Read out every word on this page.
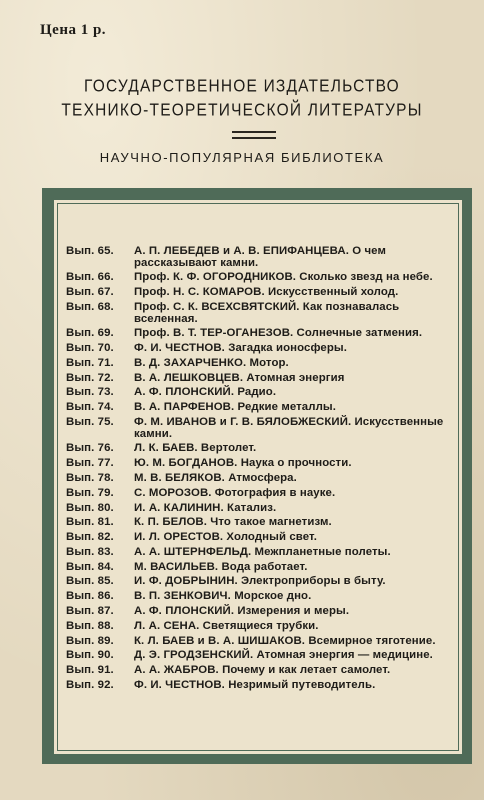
Цена 1 р.
ГОСУДАРСТВЕННОЕ ИЗДАТЕЛЬСТВО
ТЕХНИКО-ТЕОРЕТИЧЕСКОЙ ЛИТЕРАТУРЫ
НАУЧНО-ПОПУЛЯРНАЯ БИБЛИОТЕКА
Вып. 65.	А. П. ЛЕБЕДЕВ и А. В. ЕПИФАНЦЕВА. О чем рассказывают камни.
Вып. 66.	Проф. К. Ф. ОГОРОДНИКОВ. Сколько звезд на небе.
Вып. 67.	Проф. Н. С. КОМАРОВ. Искусственный холод.
Вып. 68.	Проф. С. К. ВСЕХСВЯТСКИЙ. Как познавалась вселенная.
Вып. 69.	Проф. В. Т. ТЕР-ОГАНЕЗОВ. Солнечные затмения.
Вып. 70.	Ф. И. ЧЕСТНОВ. Загадка ионосферы.
Вып. 71.	В. Д. ЗАХАРЧЕНКО. Мотор.
Вып. 72.	В. А. ЛЕШКОВЦЕВ. Атомная энергия
Вып. 73.	А. Ф. ПЛОНСКИЙ. Радио.
Вып. 74.	В. А. ПАРФЕНОВ. Редкие металлы.
Вып. 75.	Ф. М. ИВАНОВ и Г. В. БЯЛОБЖЕСКИЙ. Искусственные камни.
Вып. 76.	Л. К. БАЕВ. Вертолет.
Вып. 77.	Ю. М. БОГДАНОВ. Наука о прочности.
Вып. 78.	М. В. БЕЛЯКОВ. Атмосфера.
Вып. 79.	С. МОРОЗОВ. Фотография в науке.
Вып. 80.	И. А. КАЛИНИН. Катализ.
Вып. 81.	К. П. БЕЛОВ. Что такое магнетизм.
Вып. 82.	И. Л. ОРЕСТОВ. Холодный свет.
Вып. 83.	А. А. ШТЕРНФЕЛЬД. Межпланетные полеты.
Вып. 84.	М. ВАСИЛЬЕВ. Вода работает.
Вып. 85.	И. Ф. ДОБРЫНИН. Электроприборы в быту.
Вып. 86.	В. П. ЗЕНКОВИЧ. Морское дно.
Вып. 87.	А. Ф. ПЛОНСКИЙ. Измерения и меры.
Вып. 88.	Л. А. СЕНА. Светящиеся трубки.
Вып. 89.	К. Л. БАЕВ и В. А. ШИШАКОВ. Всемирное тяготение.
Вып. 90.	Д. Э. ГРОДЗЕНСКИЙ. Атомная энергия — медицине.
Вып. 91.	А. А. ЖАБРОВ. Почему и как летает самолет.
Вып. 92.	Ф. И. ЧЕСТНОВ. Незримый путеводитель.
